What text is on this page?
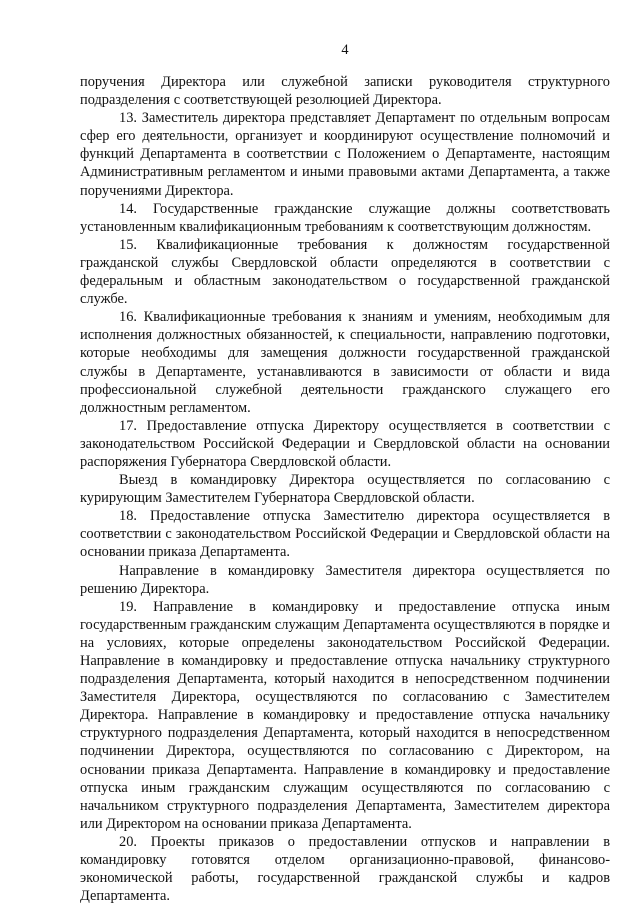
4

поручения Директора или служебной записки руководителя структурного подразделения с соответствующей резолюцией Директора.

13. Заместитель директора представляет Департамент по отдельным вопросам сфер его деятельности, организует и координируют осуществление полномочий и функций Департамента в соответствии с Положением о Департаменте, настоящим Административным регламентом и иными правовыми актами Департамента, а также поручениями Директора.

14. Государственные гражданские служащие должны соответствовать установленным квалификационным требованиям к соответствующим должностям.

15. Квалификационные требования к должностям государственной гражданской службы Свердловской области определяются в соответствии с федеральным и областным законодательством о государственной гражданской службе.

16. Квалификационные требования к знаниям и умениям, необходимым для исполнения должностных обязанностей, к специальности, направлению подготовки, которые необходимы для замещения должности государственной гражданской службы в Департаменте, устанавливаются в зависимости от области и вида профессиональной служебной деятельности гражданского служащего его должностным регламентом.

17. Предоставление отпуска Директору осуществляется в соответствии с законодательством Российской Федерации и Свердловской области на основании распоряжения Губернатора Свердловской области.

Выезд в командировку Директора осуществляется по согласованию с курирующим Заместителем Губернатора Свердловской области.

18. Предоставление отпуска Заместителю директора осуществляется в соответствии с законодательством Российской Федерации и Свердловской области на основании приказа Департамента.

Направление в командировку Заместителя директора осуществляется по решению Директора.

19. Направление в командировку и предоставление отпуска иным государственным гражданским служащим Департамента осуществляются в порядке и на условиях, которые определены законодательством Российской Федерации. Направление в командировку и предоставление отпуска начальнику структурного подразделения Департамента, который находится в непосредственном подчинении Заместителя Директора, осуществляются по согласованию с Заместителем Директора. Направление в командировку и предоставление отпуска начальнику структурного подразделения Департамента, который находится в непосредственном подчинении Директора, осуществляются по согласованию с Директором, на основании приказа Департамента. Направление в командировку и предоставление отпуска иным гражданским служащим осуществляются по согласованию с начальником структурного подразделения Департамента, Заместителем директора или Директором на основании приказа Департамента.

20. Проекты приказов о предоставлении отпусков и направлении в командировку готовятся отделом организационно-правовой, финансово-экономической работы, государственной гражданской службы и кадров Департамента.
